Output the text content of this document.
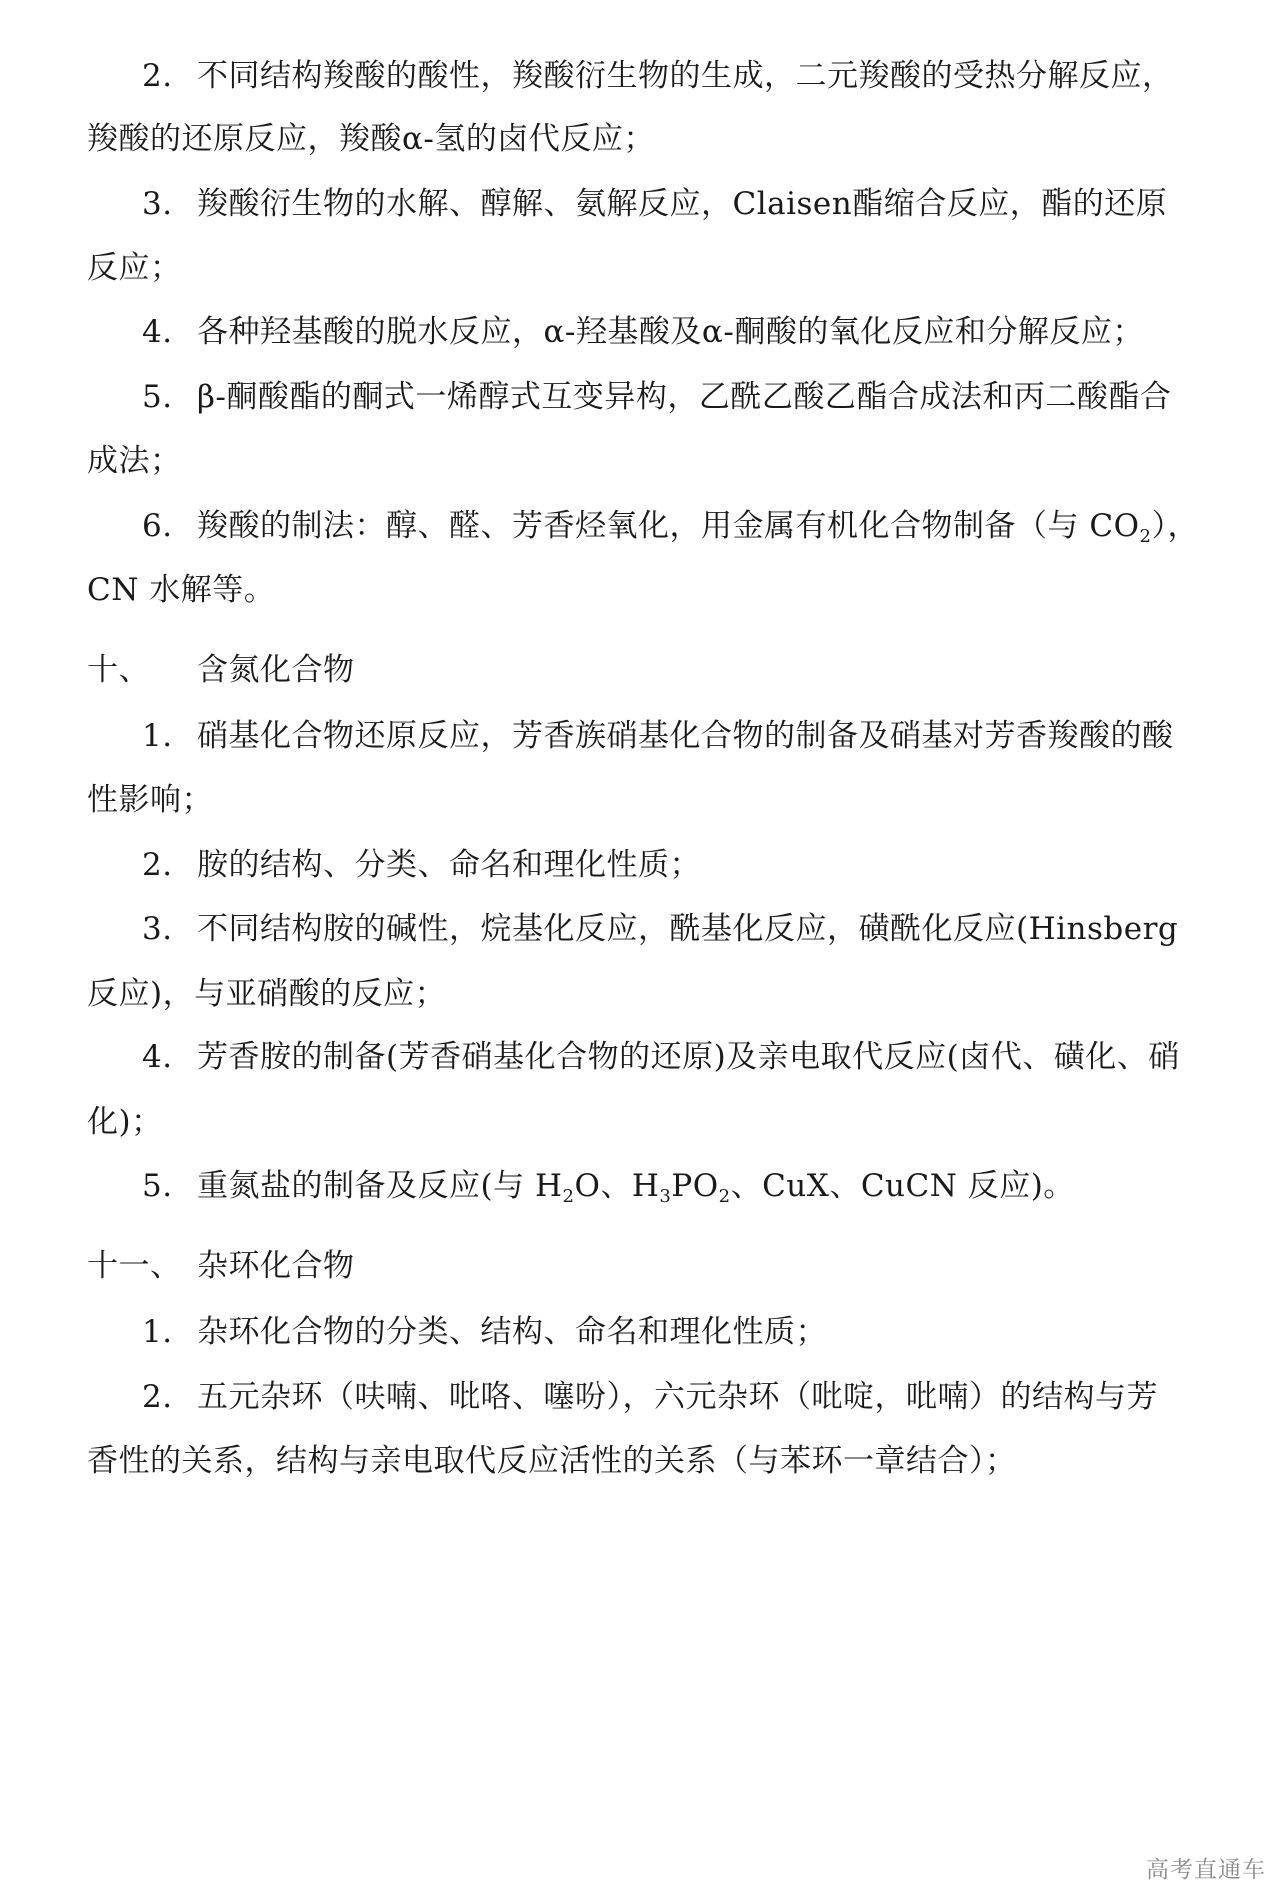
2. 不同结构羧酸的酸性，羧酸衍生物的生成，二元羧酸的受热分解反应，
羧酸的还原反应，羧酸α-氢的卤代反应；
3. 羧酸衍生物的水解、醇解、氨解反应，Claisen酯缩合反应，酯的还原
反应；
4. 各种羟基酸的脱水反应，α-羟基酸及α-酮酸的氧化反应和分解反应；
5. β-酮酸酯的酮式一烯醇式互变异构，乙酰乙酸乙酯合成法和丙二酸酯合
成法；
6. 羧酸的制法：醇、醛、芳香烃氧化，用金属有机化合物制备（与 $CO_2$），
CN 水解等。
十、 含氮化合物
1. 硝基化合物还原反应，芳香族硝基化合物的制备及硝基对芳香羧酸的酸
性影响；
2. 胺的结构、分类、命名和理化性质；
3. 不同结构胺的碱性，烷基化反应，酰基化反应，磺酰化反应(Hinsberg
反应)，与亚硝酸的反应；
4. 芳香胺的制备(芳香硝基化合物的还原)及亲电取代反应(卤代、磺化、硝
化)；
5. 重氮盐的制备及反应(与 $H_2O$、$H_3PO_2$、CuX、CuCN 反应)。
十一、 杂环化合物
1. 杂环化合物的分类、结构、命名和理化性质；
2. 五元杂环（呋喃、吡咯、噻吩），六元杂环（吡啶，吡喃）的结构与芳
香性的关系，结构与亲电取代反应活性的关系（与苯环一章结合）；
高考直通车
